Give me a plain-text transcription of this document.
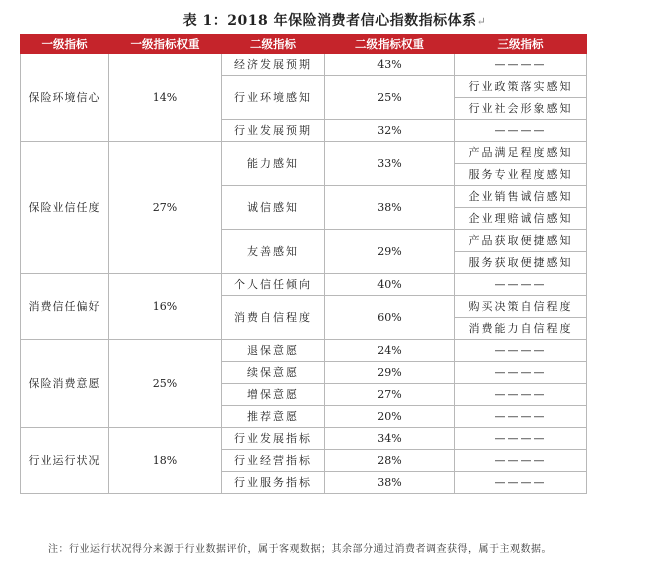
表 1：2018 年保险消费者信心指数指标体系↵
一级指标	一级指标权重	二级指标	二级指标权重	三级指标
保险环境信心	14%	经济发展预期	43%	————
		行业环境感知	25%	行业政策落实感知
				行业社会形象感知
		行业发展预期	32%	————
保险业信任度	27%	能力感知	33%	产品满足程度感知
				服务专业程度感知
		诚信感知	38%	企业销售诚信感知
				企业理赔诚信感知
		友善感知	29%	产品获取便捷感知
				服务获取便捷感知
消费信任偏好	16%	个人信任倾向	40%	————
		消费自信程度	60%	购买决策自信程度
				消费能力自信程度
保险消费意愿	25%	退保意愿	24%	————
		续保意愿	29%	————
		增保意愿	27%	————
		推荐意愿	20%	————
行业运行状况	18%	行业发展指标	34%	————
		行业经营指标	28%	————
		行业服务指标	38%	————
注：行业运行状况得分来源于行业数据评价，属于客观数据；其余部分通过消费者调查获得，属于主观数据。
